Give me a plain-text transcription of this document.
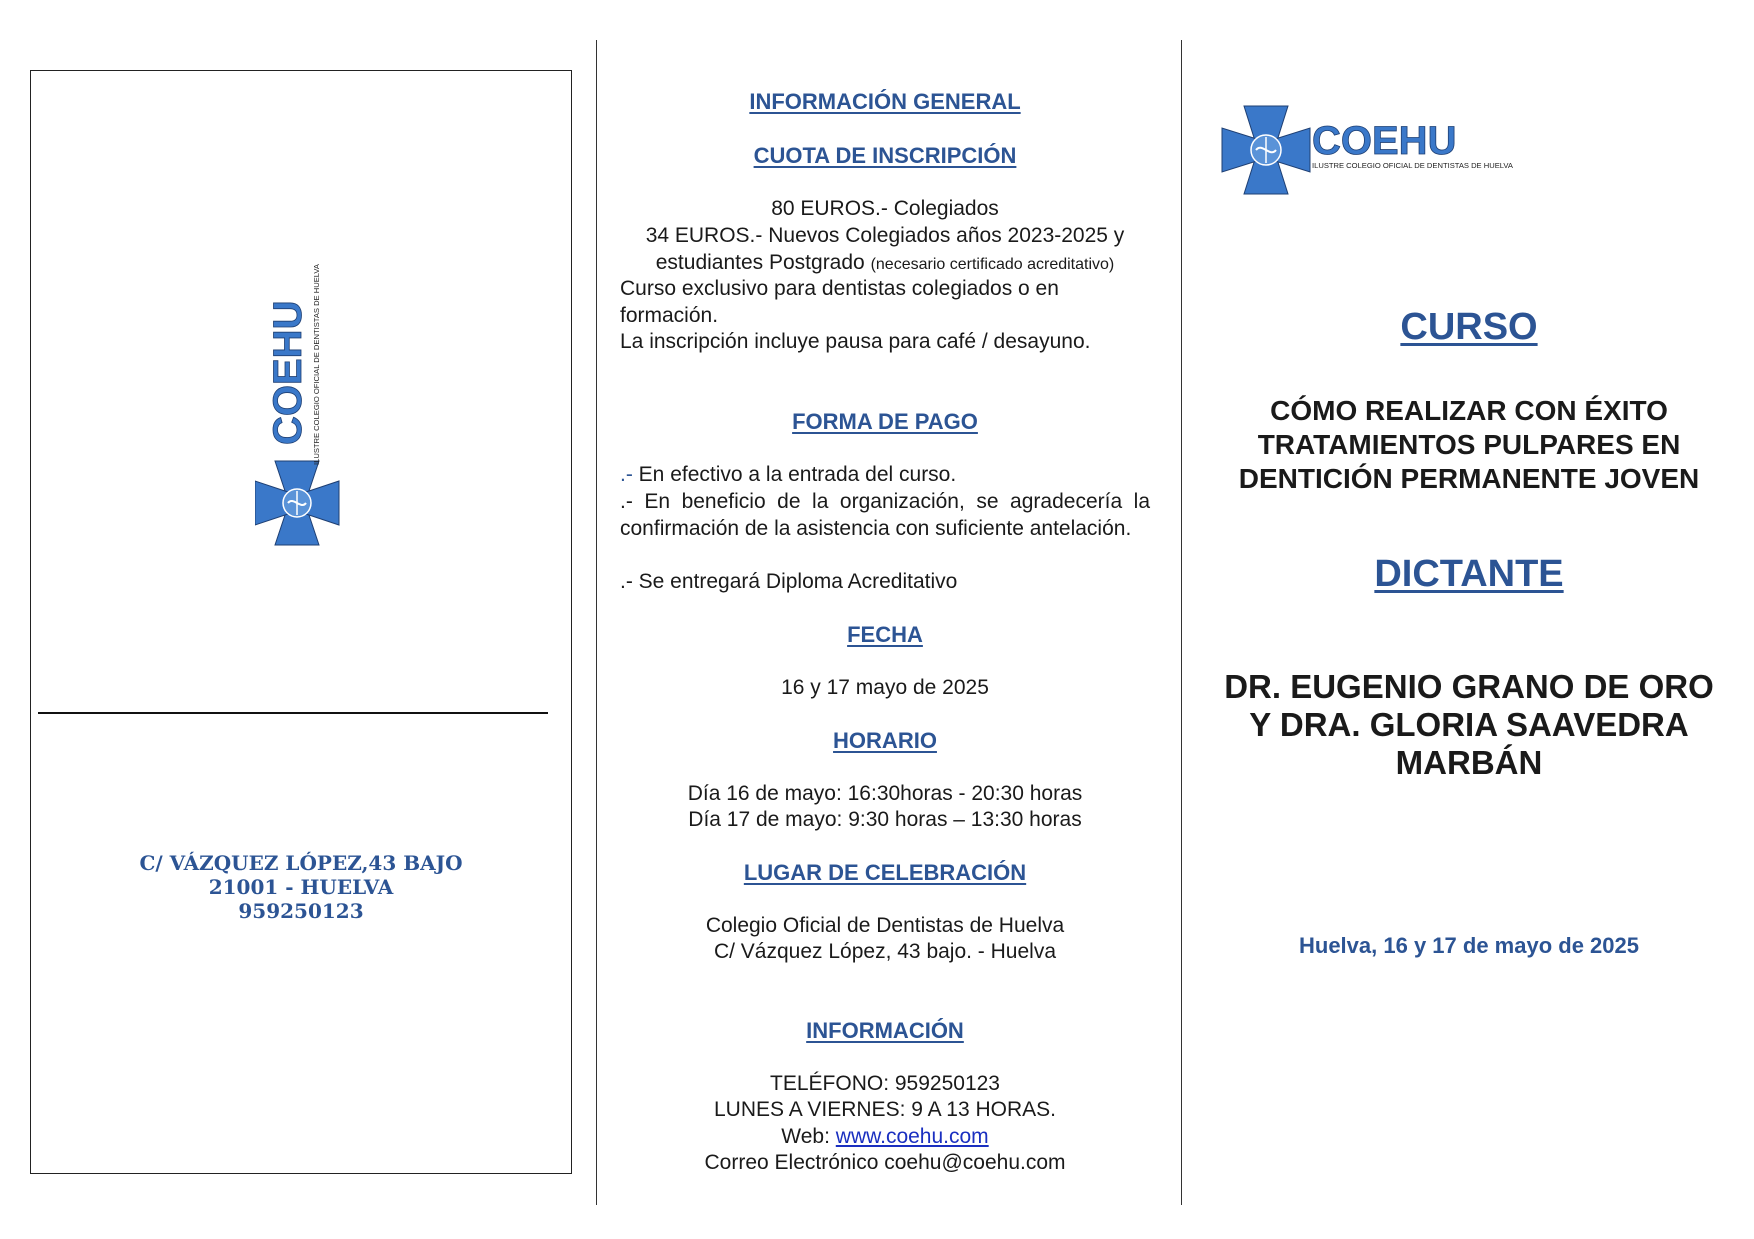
COEHU ILUSTRE COLEGIO OFICIAL DE DENTISTAS DE HUELVA
C/ VÁZQUEZ LÓPEZ,43 BAJO
21001 - HUELVA
959250123
INFORMACIÓN GENERAL
CUOTA DE INSCRIPCIÓN
80 EUROS.- Colegiados
34 EUROS.- Nuevos Colegiados años 2023-2025 y
estudiantes Postgrado (necesario certificado acreditativo)
Curso exclusivo para dentistas colegiados o en formación.
La inscripción incluye pausa para café / desayuno.
FORMA DE PAGO
.- En efectivo a la entrada del curso.
.- En beneficio de la organización, se agradecería la confirmación de la asistencia con suficiente antelación.
.- Se entregará Diploma Acreditativo
FECHA
16 y 17 mayo de 2025
HORARIO
Día 16 de mayo: 16:30horas - 20:30 horas
Día 17 de mayo: 9:30 horas – 13:30 horas
LUGAR DE CELEBRACIÓN
Colegio Oficial de Dentistas de Huelva
C/ Vázquez López, 43 bajo. - Huelva
INFORMACIÓN
TELÉFONO: 959250123
LUNES A VIERNES: 9 A 13 HORAS.
Web: www.coehu.com
Correo Electrónico coehu@coehu.com
COEHU
ILUSTRE COLEGIO OFICIAL DE DENTISTAS DE HUELVA
CURSO
CÓMO REALIZAR CON ÉXITO
TRATAMIENTOS PULPARES EN
DENTICIÓN PERMANENTE JOVEN
DICTANTE
DR. EUGENIO GRANO DE ORO
Y DRA. GLORIA SAAVEDRA
MARBÁN
Huelva, 16 y 17 de mayo de 2025
